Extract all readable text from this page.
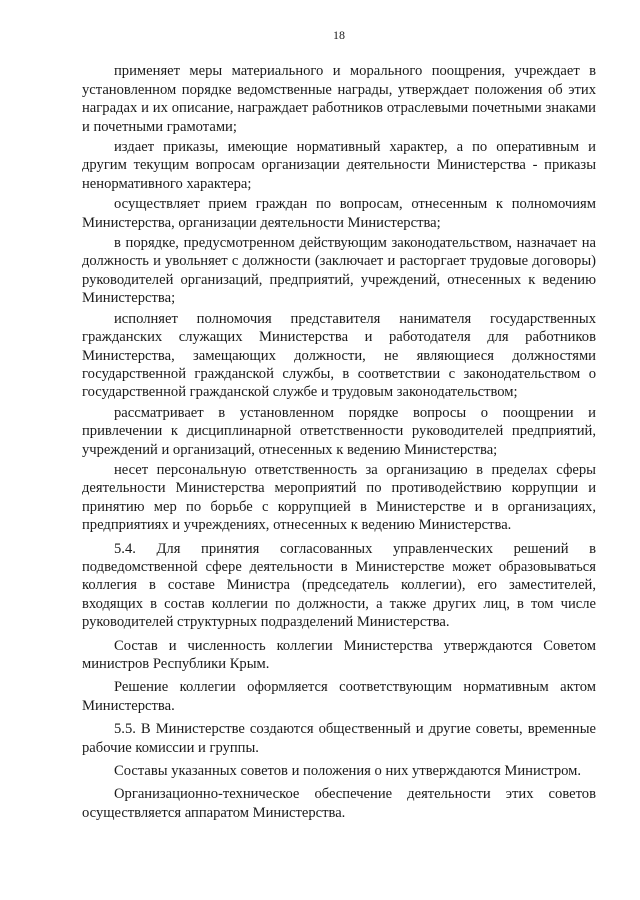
18

применяет меры материального и морального поощрения, учреждает в установленном порядке ведомственные награды, утверждает положения об этих наградах и их описание, награждает работников отраслевыми почетными знаками и почетными грамотами;

издает приказы, имеющие нормативный характер, а по оперативным и другим текущим вопросам организации деятельности Министерства - приказы ненормативного характера;

осуществляет прием граждан по вопросам, отнесенным к полномочиям Министерства, организации деятельности Министерства;

в порядке, предусмотренном действующим законодательством, назначает на должность и увольняет с должности (заключает и расторгает трудовые договоры) руководителей организаций, предприятий, учреждений, отнесенных к ведению Министерства;

исполняет полномочия представителя нанимателя государственных гражданских служащих Министерства и работодателя для работников Министерства, замещающих должности, не являющиеся должностями государственной гражданской службы, в соответствии с законодательством о государственной гражданской службе и трудовым законодательством;

рассматривает в установленном порядке вопросы о поощрении и привлечении к дисциплинарной ответственности руководителей предприятий, учреждений и организаций, отнесенных к ведению Министерства;

несет персональную ответственность за организацию в пределах сферы деятельности Министерства мероприятий по противодействию коррупции и принятию мер по борьбе с коррупцией в Министерстве и в организациях, предприятиях и учреждениях, отнесенных к ведению Министерства.

5.4. Для принятия согласованных управленческих решений в подведомственной сфере деятельности в Министерстве может образовываться коллегия в составе Министра (председатель коллегии), его заместителей, входящих в состав коллегии по должности, а также других лиц, в том числе руководителей структурных подразделений Министерства.

Состав и численность коллегии Министерства утверждаются Советом министров Республики Крым.

Решение коллегии оформляется соответствующим нормативным актом Министерства.

5.5. В Министерстве создаются общественный и другие советы, временные рабочие комиссии и группы.

Составы указанных советов и положения о них утверждаются Министром.

Организационно-техническое обеспечение деятельности этих советов осуществляется аппаратом Министерства.
